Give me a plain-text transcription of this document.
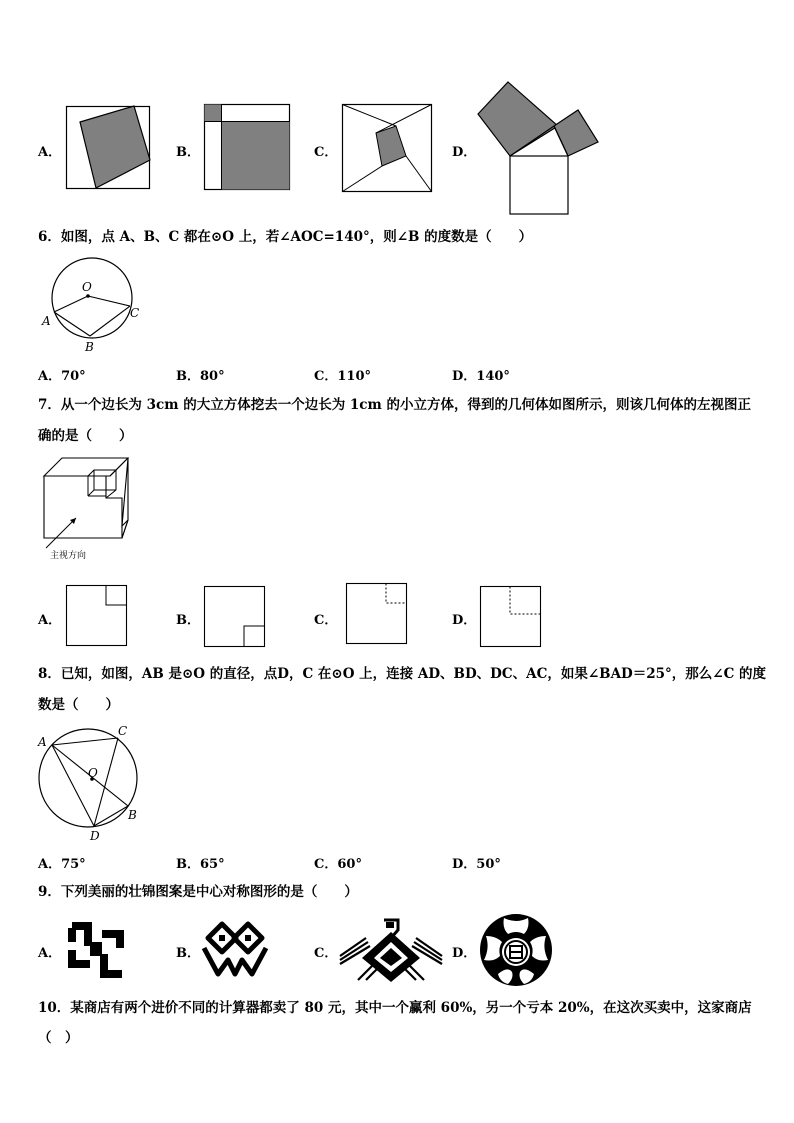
A．	B．	C．	D．
6．如图，点 A、B、C 都在⊙O 上，若∠AOC=140°，则∠B 的度数是（　　）
O
A
B
C
A．70°	B．80°	C．110°	D．140°
7．从一个边长为 3cm 的大立方体挖去一个边长为 1cm 的小立方体，得到的几何体如图所示，则该几何体的左视图正
确的是（　　）
主视方向
A．	B．	C．	D．
8．已知，如图，AB 是⊙O 的直径，点D，C 在⊙O 上，连接 AD、BD、DC、AC，如果∠BAD＝25°，那么∠C 的度
数是（　　）
A
C
O
B
D
A．75°	B．65°	C．60°	D．50°
9．下列美丽的壮锦图案是中心对称图形的是（　　）
A．	B．	C．	D．
10．某商店有两个进价不同的计算器都卖了 80 元，其中一个赢利 60%，另一个亏本 20%，在这次买卖中，这家商店
（　）
